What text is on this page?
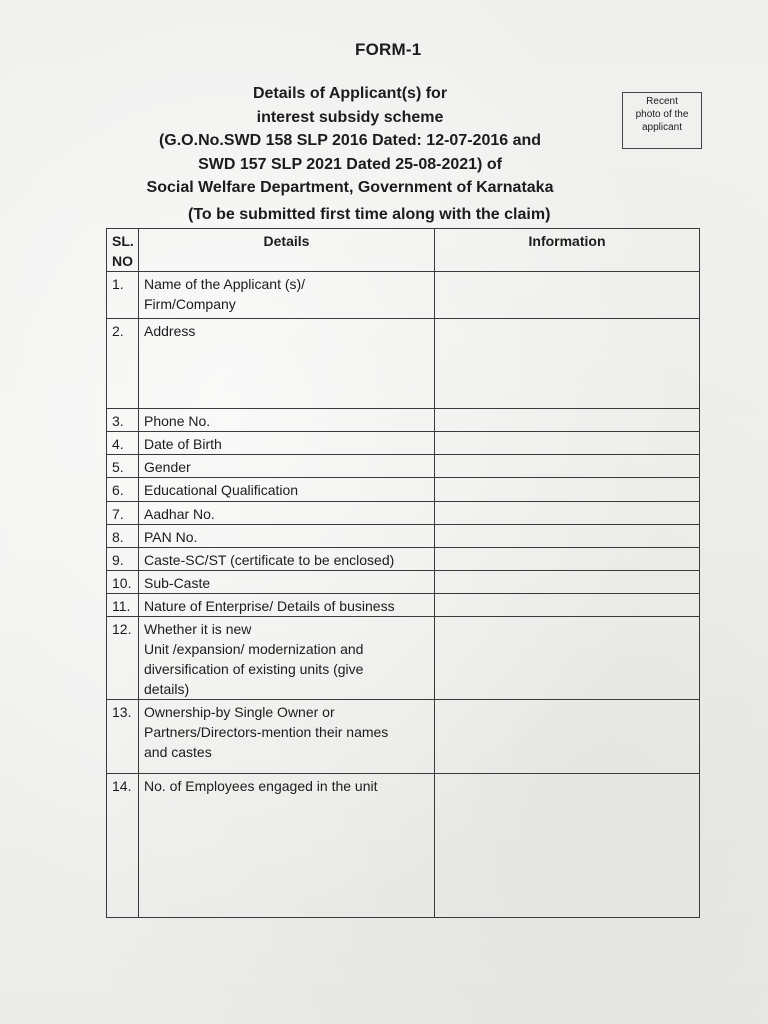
FORM-1
Details of Applicant(s) for
interest subsidy scheme
(G.O.No.SWD 158 SLP 2016 Dated: 12-07-2016 and
SWD 157 SLP 2021 Dated 25-08-2021) of
Social Welfare Department, Government of Karnataka
Recent
photo of the
applicant
(To be submitted first time along with the claim)
SL.
NO	Details	Information
1.	Name of the Applicant (s)/
Firm/Company	

2.	Address	

3.	Phone No.	

4.	Date of Birth	

5.	Gender	

6.	Educational Qualification	

7.	Aadhar No.	

8.	PAN No.	

9.	Caste-SC/ST (certificate to be enclosed)	

10.	Sub-Caste	

11.	Nature of Enterprise/ Details of business	

12.	Whether it is new
Unit /expansion/ modernization and
diversification of existing units (give
details)	

13.	Ownership-by Single Owner or
Partners/Directors-mention their names
and castes	

14.	No. of Employees engaged in the unit	
